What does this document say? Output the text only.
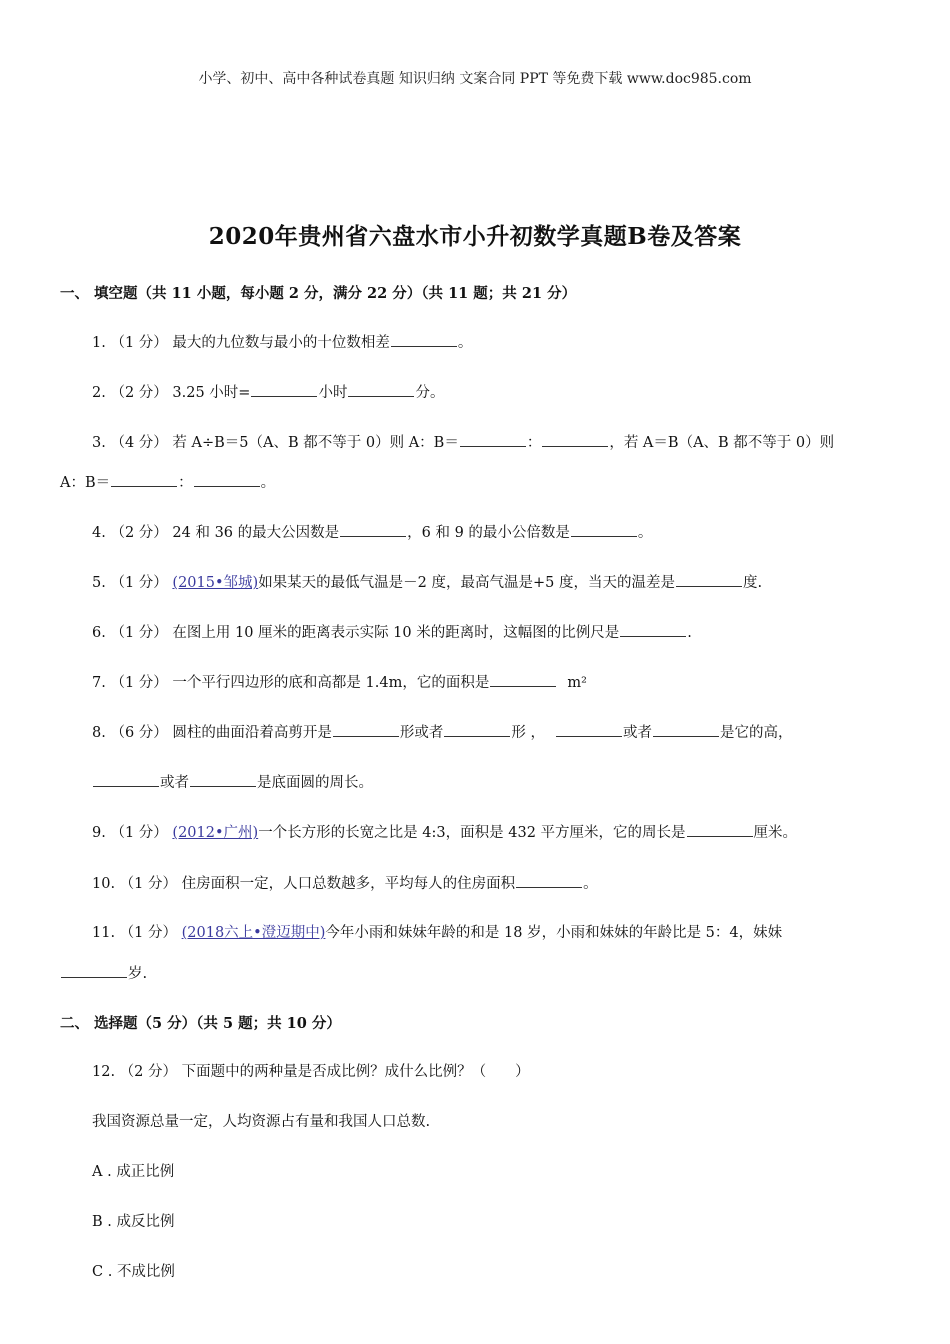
小学、初中、高中各种试卷真题 知识归纳 文案合同 PPT 等免费下载 www.doc985.com
2020年贵州省六盘水市小升初数学真题B卷及答案
一、 填空题（共 11 小题，每小题 2 分，满分 22 分）（共 11 题；共 21 分）
1. （1 分） 最大的九位数与最小的十位数相差	。
2. （2 分） 3.25 小时=	小时	分。
3. （4 分） 若 A÷B＝5（A、B 都不等于 0）则 A：B＝	：	，若 A＝B（A、B 都不等于 0）则
A：B＝	：	。
4. （2 分） 24 和 36 的最大公因数是	，6 和 9 的最小公倍数是	。
5. （1 分） (2015•邹城)如果某天的最低气温是－2 度，最高气温是+5 度，当天的温差是	度.
6. （1 分） 在图上用 10 厘米的距离表示实际 10 米的距离时，这幅图的比例尺是	.
7. （1 分） 一个平行四边形的底和高都是 1.4m，它的面积是	m²
8. （6 分） 圆柱的曲面沿着高剪开是	形或者	形 ，	或者	是它的高，
或者	是底面圆的周长。
9. （1 分） (2012•广州)一个长方形的长宽之比是 4:3，面积是 432 平方厘米，它的周长是	厘米。
10. （1 分） 住房面积一定，人口总数越多，平均每人的住房面积	。
11. （1 分） (2018六上•澄迈期中)今年小雨和妹妹年龄的和是 18 岁，小雨和妹妹的年龄比是 5：4，妹妹
岁.
二、 选择题（5 分）（共 5 题；共 10 分）
12. （2 分） 下面题中的两种量是否成比例？成什么比例？（　　）
我国资源总量一定，人均资源占有量和我国人口总数.
A . 成正比例
B . 成反比例
C . 不成比例
